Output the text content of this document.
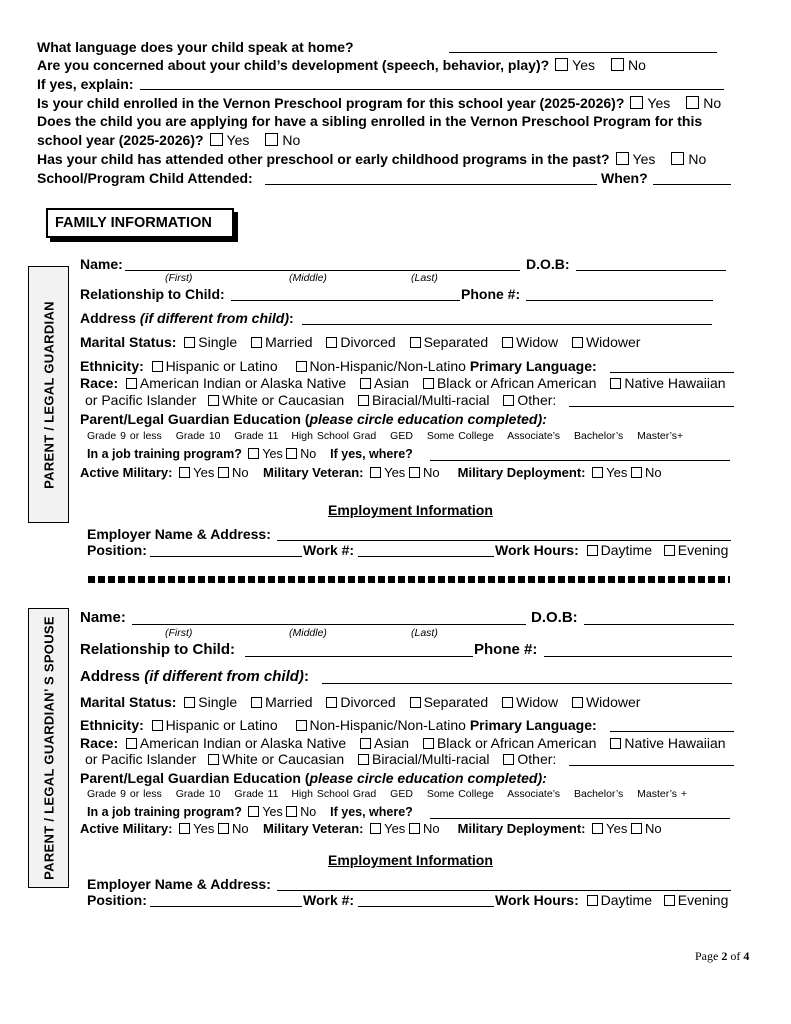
What language does your child speak at home?
Are you concerned about your child’s development (speech, behavior, play)? Yes No
If yes, explain:
Is your child enrolled in the Vernon Preschool program for this school year (2025-2026)? Yes No
Does the child you are applying for have a sibling enrolled in the Vernon Preschool Program for this
school year (2025-2026)? Yes No
Has your child has attended other preschool or early childhood programs in the past? Yes No
School/Program Child Attended:	When?
FAMILY INFORMATION
PARENT / LEGAL GUARDIAN
Name:	D.O.B:
(First)	(Middle)	(Last)
Relationship to Child:	Phone #:
Address (if different from child):
Marital Status: Single Married Divorced Separated Widow Widower
Ethnicity: Hispanic or Latino Non-Hispanic/Non-Latino Primary Language:
Race: American Indian or Alaska Native Asian Black or African American Native Hawaiian
or Pacific Islander White or Caucasian Biracial/Multi-racial Other:
Parent/Legal Guardian Education (please circle education completed):
Grade 9 or less Grade 10 Grade 11 High School Grad GED Some College Associate’s Bachelor’s Master’s+
In a job training program? Yes No If yes, where?
Active Military: Yes No Military Veteran: Yes No Military Deployment: Yes No
Employment Information
Employer Name & Address:
Position:	Work #:	Work Hours: Daytime Evening
PARENT / LEGAL GUARDIAN’ S SPOUSE Name:	D.O.B:
(First)	(Middle)	(Last)
Relationship to Child:	Phone #:
Address (if different from child):
Marital Status: Single Married Divorced Separated Widow Widower
Ethnicity: Hispanic or Latino Non-Hispanic/Non-Latino Primary Language:
Race: American Indian or Alaska Native Asian Black or African American Native Hawaiian
or Pacific Islander White or Caucasian Biracial/Multi-racial Other:
Parent/Legal Guardian Education (please circle education completed):
Grade 9 or less Grade 10 Grade 11 High School Grad GED Some College Associate’s Bachelor’s Master’s +
In a job training program? Yes No If yes, where?
Active Military: Yes No Military Veteran: Yes No Military Deployment: Yes No
Employment Information
Employer Name & Address:
Position:	Work #:	Work Hours: Daytime Evening
Page 2 of 4
